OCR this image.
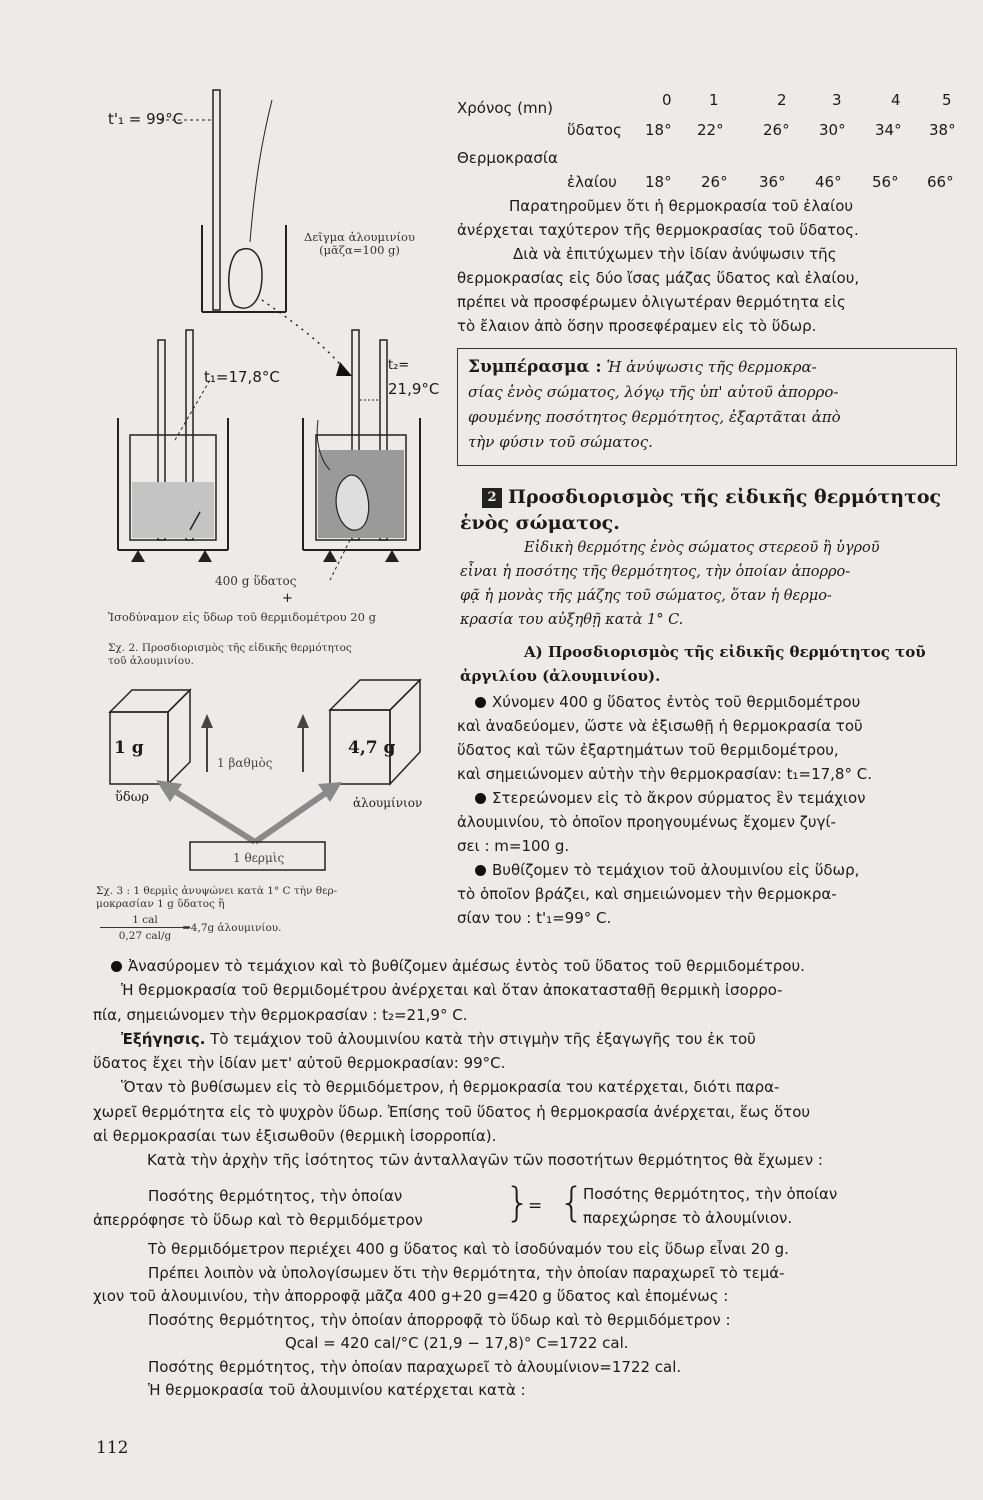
t'₁ = 99°C
Δεῖγμα ἀλουμινίου
(μᾶζα=100 g)
t₁=17,8°C
t₂=
21,9°C
400 g ὕδατος
+
Ἰσοδύναμον εἰς ὕδωρ τοῦ θερμιδομέτρου 20 g
Σχ. 2. Προσδιορισμὸς τῆς εἰδικῆς θερμότητος τοῦ ἀλουμινίου.
1 g
ὕδωρ
4,7 g
ἀλουμίνιον
1 βαθμὸς
1 θερμὶς
Σχ. 3 : 1 θερμὶς ἀνυψώνει κατὰ 1° C τὴν θερ-
μοκρασίαν 1 g ὕδατος ἢ
1 cal
0,27 cal/g
=4,7g ἀλουμινίου.
Χρόνος (mn)	0 1	2	3	4	5
ὕδατος 18° 22°	26° 30° 34° 38°
Θερμοκρασία
ἐλαίου 18° 26° 36° 46° 56° 66°
Παρατηροῦμεν ὅτι ἡ θερμοκρασία τοῦ ἐλαίου
ἀνέρχεται ταχύτερον τῆς θερμοκρασίας τοῦ ὕδατος.
Διὰ νὰ ἐπιτύχωμεν τὴν ἰδίαν ἀνύψωσιν τῆς
θερμοκρασίας εἰς δύο ἴσας μάζας ὕδατος καὶ ἐλαίου,
πρέπει νὰ προσφέρωμεν ὀλιγωτέραν θερμότητα εἰς
τὸ ἔλαιον ἀπὸ ὅσην προσεφέραμεν εἰς τὸ ὕδωρ.
Συμπέρασμα : Ἡ ἀνύψωσις τῆς θερμοκρα-
σίας ἑνὸς σώματος, λόγῳ τῆς ὑπ' αὐτοῦ ἀπορρο-
φουμένης ποσότητος θερμότητος, ἐξαρτᾶται ἀπὸ
τὴν φύσιν τοῦ σώματος.
2 Προσδιορισμὸς τῆς εἰδικῆς θερμότητος
ἑνὸς σώματος.
Εἰδικὴ θερμότης ἑνὸς σώματος στερεοῦ ἢ ὑγροῦ
εἶναι ἡ ποσότης τῆς θερμότητος, τὴν ὁποίαν ἀπορρο-
φᾷ ἡ μονὰς τῆς μάζης τοῦ σώματος, ὅταν ἡ θερμο-
κρασία του αὐξηθῇ κατὰ 1° C.
Α) Προσδιορισμὸς τῆς εἰδικῆς θερμότητος τοῦ
ἀργιλίου (ἀλουμινίου).
Χύνομεν 400 g ὕδατος ἐντὸς τοῦ θερμιδομέτρου
καὶ ἀναδεύομεν, ὥστε νὰ ἐξισωθῇ ἡ θερμοκρασία τοῦ
ὕδατος καὶ τῶν ἐξαρτημάτων τοῦ θερμιδομέτρου,
καὶ σημειώνομεν αὐτὴν τὴν θερμοκρασίαν: t₁=17,8° C.
Στερεώνομεν εἰς τὸ ἄκρον σύρματος ἓν τεμάχιον
ἀλουμινίου, τὸ ὁποῖον προηγουμένως ἔχομεν ζυγί-
σει : m=100 g.
Βυθίζομεν τὸ τεμάχιον τοῦ ἀλουμινίου εἰς ὕδωρ,
τὸ ὁποῖον βράζει, καὶ σημειώνομεν τὴν θερμοκρα-
σίαν του : t'₁=99° C.
Ἀνασύρομεν τὸ τεμάχιον καὶ τὸ βυθίζομεν ἀμέσως ἐντὸς τοῦ ὕδατος τοῦ θερμιδομέτρου.
Ἡ θερμοκρασία τοῦ θερμιδομέτρου ἀνέρχεται καὶ ὅταν ἀποκατασταθῇ θερμικὴ ἰσορρο-
πία, σημειώνομεν τὴν θερμοκρασίαν : t₂=21,9° C.
Ἐξήγησις. Τὸ τεμάχιον τοῦ ἀλουμινίου κατὰ τὴν στιγμὴν τῆς ἐξαγωγῆς του ἐκ τοῦ
ὕδατος ἔχει τὴν ἰδίαν μετ' αὐτοῦ θερμοκρασίαν: 99°C.
Ὅταν τὸ βυθίσωμεν εἰς τὸ θερμιδόμετρον, ἡ θερμοκρασία του κατέρχεται, διότι παρα-
χωρεῖ θερμότητα εἰς τὸ ψυχρὸν ὕδωρ. Ἐπίσης τοῦ ὕδατος ἡ θερμοκρασία ἀνέρχεται, ἕως ὅτου
αἱ θερμοκρασίαι των ἐξισωθοῦν (θερμικὴ ἰσορροπία).
Κατὰ τὴν ἀρχὴν τῆς ἰσότητος τῶν ἀνταλλαγῶν τῶν ποσοτήτων θερμότητος θὰ ἔχωμεν :
Ποσότης θερμότητος, τὴν ὁποίαν
ἀπερρόφησε τὸ ὕδωρ καὶ τὸ θερμιδόμετρον }
= {
Ποσότης θερμότητος, τὴν ὁποίαν
παρεχώρησε τὸ ἀλουμίνιον.
Τὸ θερμιδόμετρον περιέχει 400 g ὕδατος καὶ τὸ ἰσοδύναμόν του εἰς ὕδωρ εἶναι 20 g.
Πρέπει λοιπὸν νὰ ὑπολογίσωμεν ὅτι τὴν θερμότητα, τὴν ὁποίαν παραχωρεῖ τὸ τεμά-
χιον τοῦ ἀλουμινίου, τὴν ἀπορροφᾷ μᾶζα 400 g+20 g=420 g ὕδατος καὶ ἑπομένως :
Ποσότης θερμότητος, τὴν ὁποίαν ἀπορροφᾷ τὸ ὕδωρ καὶ τὸ θερμιδόμετρον :
Qcal = 420 cal/°C (21,9 − 17,8)° C=1722 cal.
Ποσότης θερμότητος, τὴν ὁποίαν παραχωρεῖ τὸ ἀλουμίνιον=1722 cal.
Ἡ θερμοκρασία τοῦ ἀλουμινίου κατέρχεται κατὰ :
112
